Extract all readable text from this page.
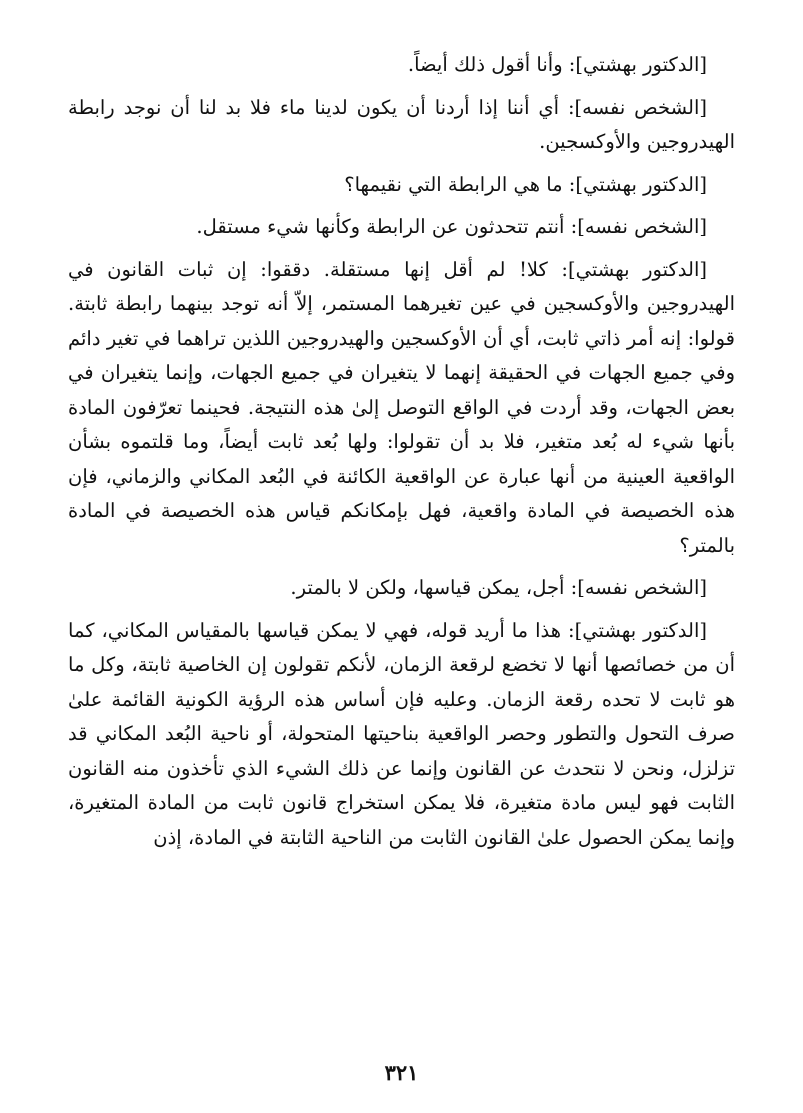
[الدكتور بهشتي]: وأنا أقول ذلك أيضاً.

[الشخص نفسه]: أي أننا إذا أردنا أن يكون لدينا ماء فلا بد لنا أن نوجد رابطة الهيدروجين والأوكسجين.

[الدكتور بهشتي]: ما هي الرابطة التي نقيمها؟

[الشخص نفسه]: أنتم تتحدثون عن الرابطة وكأنها شيء مستقل.

[الدكتور بهشتي]: كلا! لم أقل إنها مستقلة. دققوا: إن ثبات القانون في الهيدروجين والأوكسجين في عين تغيرهما المستمر، إلاّ أنه توجد بينهما رابطة ثابتة. قولوا: إنه أمر ذاتي ثابت، أي أن الأوكسجين والهيدروجين اللذين تراهما في تغير دائم وفي جميع الجهات في الحقيقة إنهما لا يتغيران في جميع الجهات، وإنما يتغيران في بعض الجهات، وقد أردت في الواقع التوصل إلىٰ هذه النتيجة. فحينما تعرّفون المادة بأنها شيء له بُعد متغير، فلا بد أن تقولوا: ولها بُعد ثابت أيضاً، وما قلتموه بشأن الواقعية العينية من أنها عبارة عن الواقعية الكائنة في البُعد المكاني والزماني، فإن هذه الخصيصة في المادة واقعية، فهل بإمكانكم قياس هذه الخصيصة في المادة بالمتر؟

[الشخص نفسه]: أجل، يمكن قياسها، ولكن لا بالمتر.

[الدكتور بهشتي]: هذا ما أريد قوله، فهي لا يمكن قياسها بالمقياس المكاني، كما أن من خصائصها أنها لا تخضع لرقعة الزمان، لأنكم تقولون إن الخاصية ثابتة، وكل ما هو ثابت لا تحده رقعة الزمان. وعليه فإن أساس هذه الرؤية الكونية القائمة علىٰ صرف التحول والتطور وحصر الواقعية بناحيتها المتحولة، أو ناحية البُعد المكاني قد تزلزل، ونحن لا نتحدث عن القانون وإنما عن ذلك الشيء الذي تأخذون منه القانون الثابت فهو ليس مادة متغيرة، فلا يمكن استخراج قانون ثابت من المادة المتغيرة، وإنما يمكن الحصول علىٰ القانون الثابت من الناحية الثابتة في المادة، إذن

٣٢١
